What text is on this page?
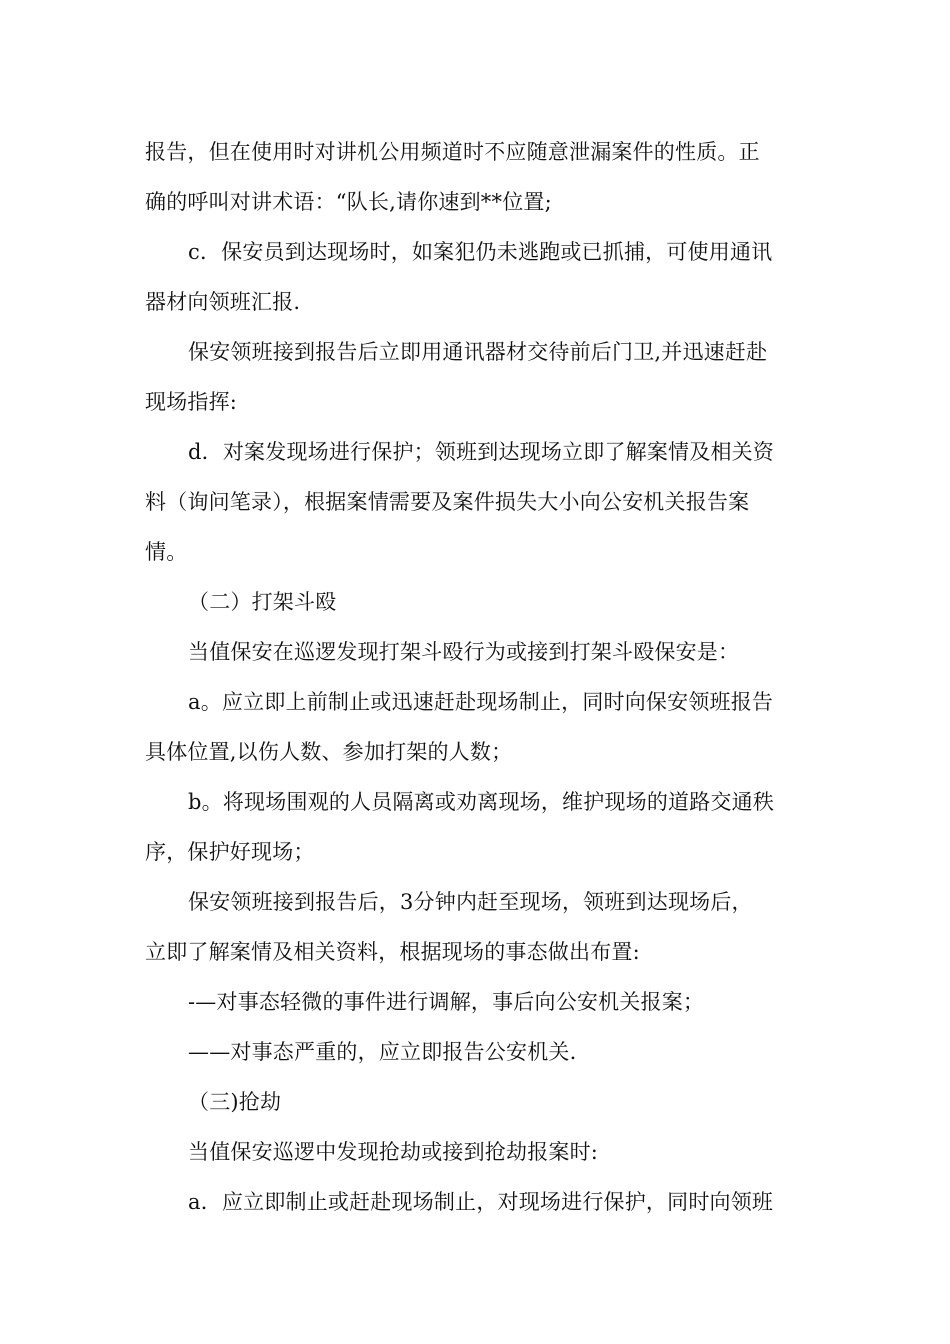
报告，但在使用时对讲机公用频道时不应随意泄漏案件的性质。正
确的呼叫对讲术语：“队长,请你速到**位置;
c．保安员到达现场时，如案犯仍未逃跑或已抓捕，可使用通讯
器材向领班汇报.
保安领班接到报告后立即用通讯器材交待前后门卫,并迅速赶赴
现场指挥:
d．对案发现场进行保护；领班到达现场立即了解案情及相关资
料（询问笔录），根据案情需要及案件损失大小向公安机关报告案
情。
（二）打架斗殴
当值保安在巡逻发现打架斗殴行为或接到打架斗殴保安是：
a。应立即上前制止或迅速赶赴现场制止，同时向保安领班报告
具体位置,以伤人数、参加打架的人数；
b。将现场围观的人员隔离或劝离现场，维护现场的道路交通秩
序，保护好现场；
保安领班接到报告后，3分钟内赶至现场，领班到达现场后，
立即了解案情及相关资料，根据现场的事态做出布置:
-—对事态轻微的事件进行调解，事后向公安机关报案；
——对事态严重的，应立即报告公安机关.
（三)抢劫
当值保安巡逻中发现抢劫或接到抢劫报案时:
a．应立即制止或赶赴现场制止，对现场进行保护，同时向领班
